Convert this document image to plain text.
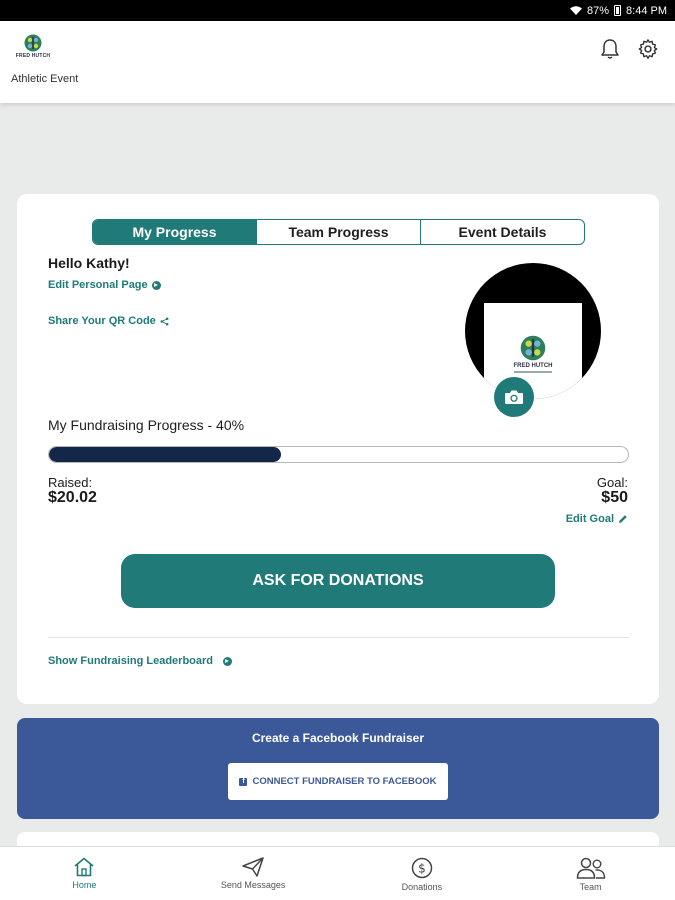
87% 8:44 PM
FRED HUTCH
Athletic Event
My Progress	Team Progress	Event Details
Hello Kathy!
Edit Personal Page
Share Your QR Code
FRED HUTCH
My Fundraising Progress - 40%
Raised:
$20.02
Goal:
$50
Edit Goal
ASK FOR DONATIONS
Show Fundraising Leaderboard
Create a Facebook Fundraiser
f CONNECT FUNDRAISER TO FACEBOOK
Home	Send Messages
$
Donations	Team
